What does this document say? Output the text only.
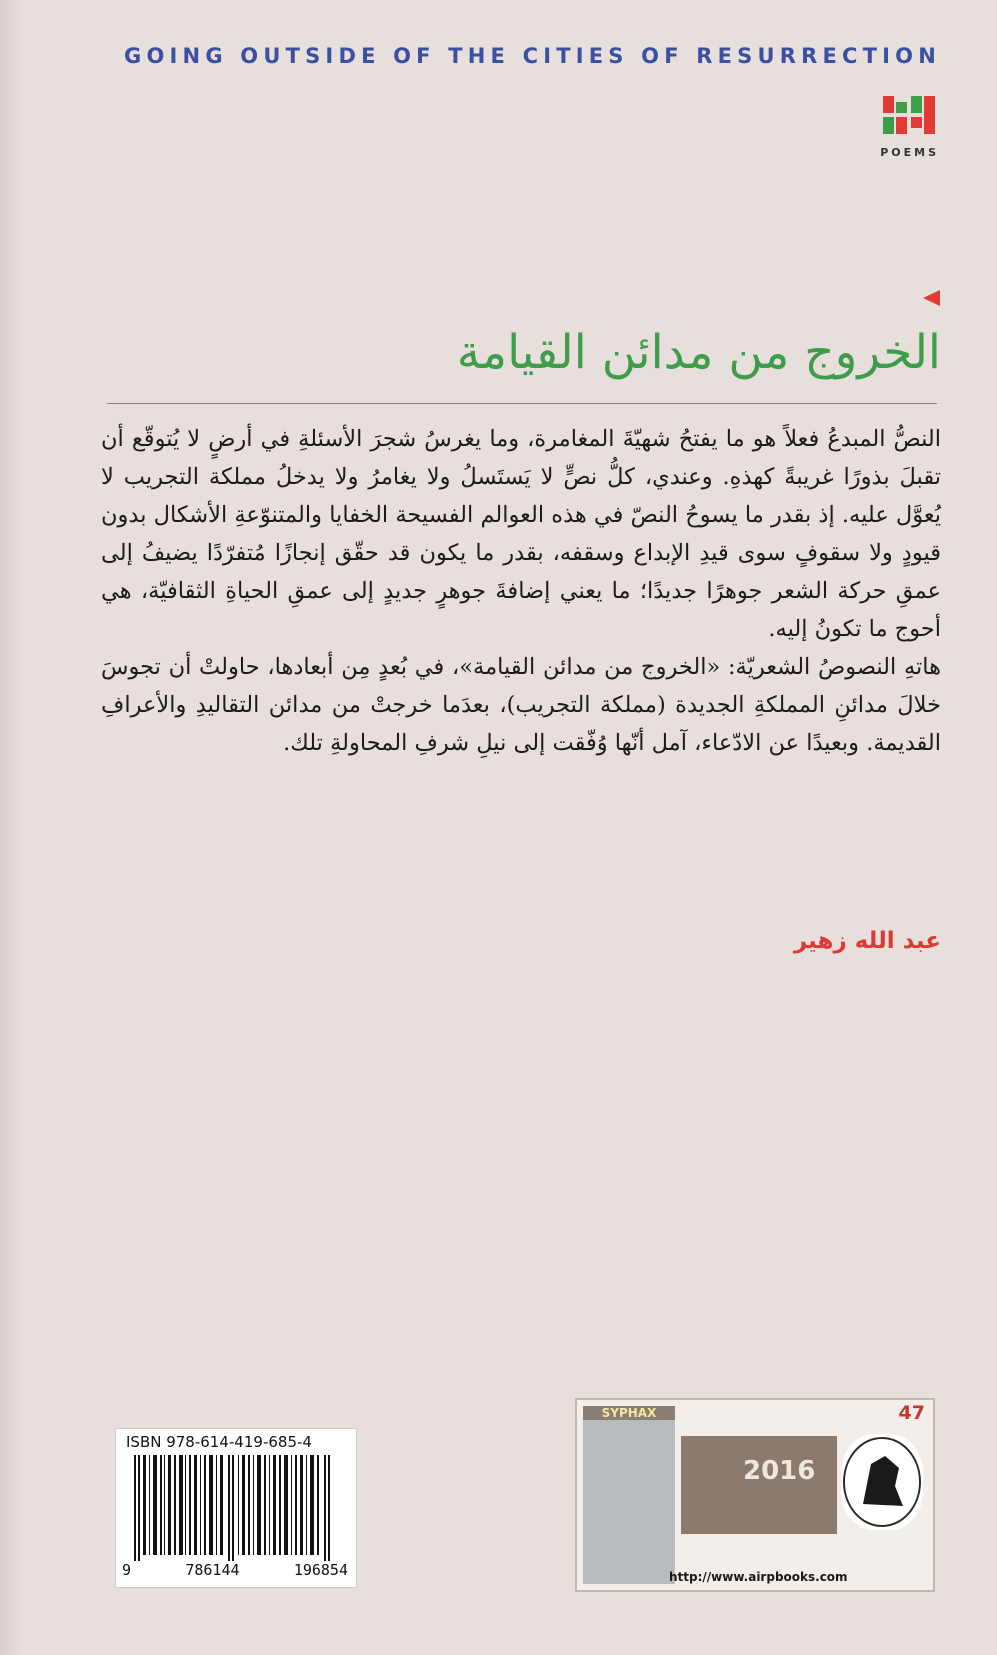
GOING OUTSIDE OF THE CITIES OF RESURRECTION
POEMS
الخروج من مدائن القيامة

النصُّ المبدعُ فعلاً هو ما يفتحُ شهيّةَ المغامرة، وما يغرسُ شجرَ الأسئلةِ في أرضٍ لا يُتوقّع أن تقبلَ بذورًا غريبةً كهذهِ. وعندي، كلُّ نصٍّ لا يَستَسلُ ولا يغامرُ ولا يدخلُ مملكة التجريب لا يُعوَّل عليه. إذ بقدر ما يسوحُ النصّ في هذه العوالم الفسيحة الخفايا والمتنوّعةِ الأشكال بدون قيودٍ ولا سقوفٍ سوى قيدِ الإبداع وسقفه، بقدر ما يكون قد حقّق إنجازًا مُتفرّدًا يضيفُ إلى عمقِ حركة الشعر جوهرًا جديدًا؛ ما يعني إضافةَ جوهرٍ جديدٍ إلى عمقِ الحياةِ الثقافيّة، هي أحوج ما تكونُ إليه.

هاتهِ النصوصُ الشعريّة: «الخروج من مدائن القيامة»، في بُعدٍ مِن أبعادها، حاولتْ أن تجوسَ خلالَ مدائنِ المملكةِ الجديدة (مملكة التجريب)، بعدَما خرجتْ من مدائن التقاليدِ والأعرافِ القديمة. وبعيدًا عن الادّعاء، آمل أنّها وُفّقت إلى نيلِ شرفِ المحاولةِ تلك.

عبد الله زهير
ISBN 978-614-419-685-4
9	786144	196854
SYPHAX	47
2016
http://www.airpbooks.com
